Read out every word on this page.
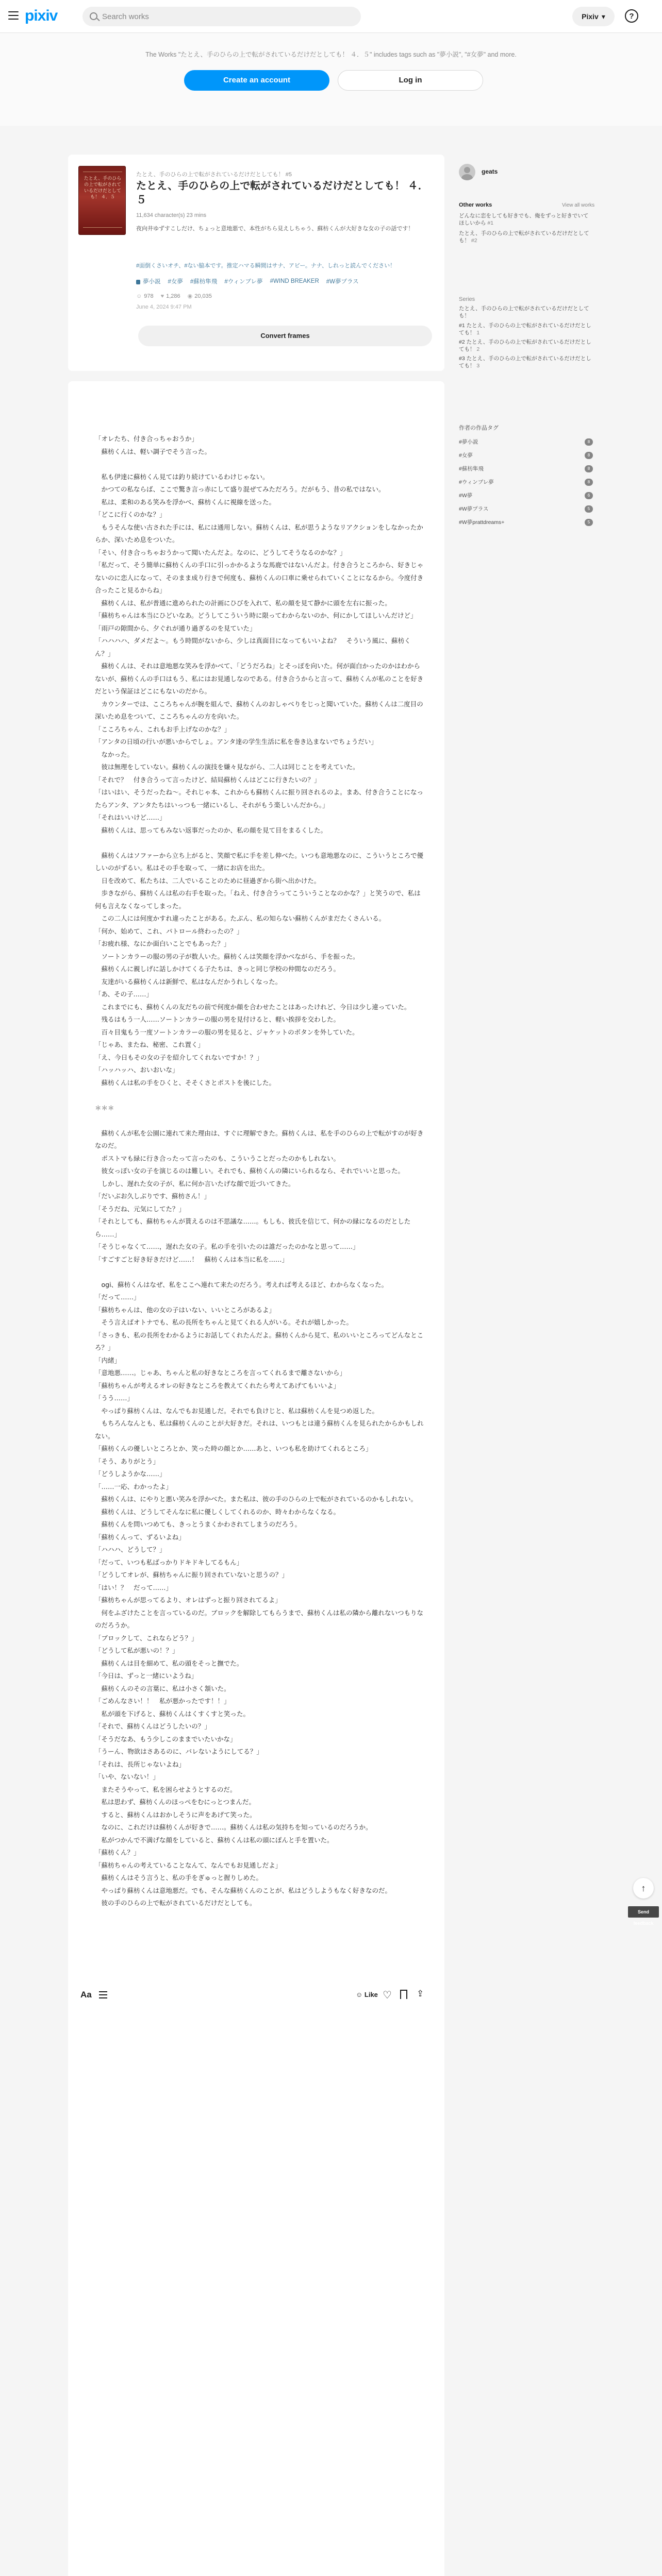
pixiv	Search works	Pixiv ▾	?
The Works "たとえ、手のひらの上で転がされているだけだとしても！ ４．５" includes tags such as "夢小説", "#女夢" and more.
Create an account	Log in
たとえ、手のひらの上で転がされているだけだとしても！ ４．５
たとえ、手のひらの上で転がされているだけだとしても！ #5
たとえ、手のひらの上で転がされているだけだとしても！ ４．５
11,634 character(s) 23 mins
夜向井ゆずすこしだけ、ちょっと意地悪で、本性がちら見えしちゃう、蘇枋くんが大好きな女の子の話です！
#面倒くさいオチ、#ない脇本です。推定ハマる瞬間はサナ、アビー。ナナ、しれっと読んでください！
夢小説 #女夢 #蘇枋隼飛 #ウィンブレ夢 #WIND BREAKER #W夢プラス
☺ 978 ♥ 1,286 ◉ 20,035
June 4, 2024 9:47 PM
Convert frames

「オレたち、付き合っちゃおうか」

　蘇枋くんは、軽い調子でそう言った。

　私も伊達に蘇枋くん見ては釣り続けているわけじゃない。

　かつての私ならば、ここで驚き言っ赤にして盛り混ぜてみただろう。だがもう、昔の私ではない。

　私は、柔和のある笑みを浮かべ、蘇枋くんに視線を送った。

「どこに行くのかな？」

　もうそんな使い古された手には、私には通用しない。蘇枋くんは、私が思うようなリアクションをしなかったからか、深いため息をついた。

「そい、付き合っちゃおうかって聞いたんだよ。なのに、どうしてそうなるのかな？」

「私だって、そう簡単に蘇枋くんの手口に引っかかるような馬鹿ではないんだよ。付き合うところから、好きじゃないのに恋人になって、そのまま成り行きで何度も、蘇枋くんの口車に乗せられていくことになるから。今度付き合ったこと見るからね」

　蘇枋くんは、私が普通に進められたの計画にひびを入れて、私の顔を見て静かに頭を左右に振った。

「蘇枋ちゃんは本当にひどいなあ。どうしてこういう時に限ってわからないのか、何にかしてほしいんだけど」

「雨戸の隙間から、夕ぐれが通り過ぎるのを見ていた」

「ハハハハ、ダメだよ～。もう時間がないから、少しは真面目になってもいいよね？　そういう風に、蘇枋くん？」

　蘇枋くんは、それは意地悪な笑みを浮かべて、「どうだろね」とそっぽを向いた。何が面白かったのかはわからないが、蘇枋くんの手口はもう、私にはお見通しなのである。付き合うからと言って、蘇枋くんが私のことを好きだという保証はどこにもないのだから。

　カウンターでは、こころちゃんが腕を組んで、蘇枋くんのおしゃべりをじっと聞いていた。蘇枋くんは二度目の深いため息をついて、こころちゃんの方を向いた。

「こころちゃん、これもお手上げなのかな？」

「アンタの日頃の行いが悪いからでしょ。アンタ達の学生生活に私を巻き込まないでちょうだい」

　なかった。

　彼は無理をしていない。蘇枋くんの演技を嫌々見ながら、二人は同じことを考えていた。

「それで？　付き合うって言ったけど、結局蘇枋くんはどこに行きたいの？」

「はいはい、そうだったね～。それじゃ本、これからも蘇枋くんに振り回されるのよ。まあ、付き合うことになったらアンタ、アンタたちはいっつも一緒にいるし、それがもう楽しいんだから。」

「それはいいけど……」

　蘇枋くんは、思ってもみない返事だったのか、私の顔を見て目をまるくした。

　蘇枋くんはソファーから立ち上がると、笑顔で私に手を差し伸べた。いつも意地悪なのに、こういうところで優しいのがずるい。私はその手を取って、一緒にお店を出た。

　日を改めて、私たちは、二人でいることのために昼過ぎから街へ出かけた。

　歩きながら、蘇枋くんは私の右手を取った。「ねえ、付き合うってこういうことなのかな？」と笑うので、私は何も言えなくなってしまった。

　この二人には何度かすれ違ったことがある。たぶん、私の知らない蘇枋くんがまだたくさんいる。

「何か、始めて、これ、パトロール終わったの？」

「お疲れ様、なにか面白いことでもあった？」

　ソートンカラーの服の男の子が数人いた。蘇枋くんは笑顔を浮かべながら、手を振った。

　蘇枋くんに親しげに話しかけてくる子たちは、きっと同じ学校の仲間なのだろう。

　友達がいる蘇枋くんは新鮮で、私はなんだかうれしくなった。

「あ、その子……」

　これまでにも、蘇枋くんの友だちの前で何度か顔を合わせたことはあったけれど、今日は少し違っていた。

　残るはもう一人……ソートンカラーの服の男を見付けると、軽い挨拶を交わした。

　百々目鬼もう一度ソートンカラーの服の男を見ると、ジャケットのボタンを外していた。

「じゃあ、またね、秘密、これ置く」

「え、今日もその女の子を紹介してくれないですか！？」

「ハッハッハ、おいおいな」

　蘇枋くんは私の手をひくと、そそくさとポストを後にした。

＊＊＊

　蘇枋くんが私を公園に連れて来た理由は、すぐに理解できた。蘇枋くんは、私を手のひらの上で転がすのが好きなのだ。

　ポストマも緑に行き合ったって言ったのも、こういうことだったのかもしれない。

　彼女っぽい女の子を演じるのは難しい。それでも、蘇枋くんの隣にいられるなら、それでいいと思った。

　しかし、遅れた女の子が、私に何か言いたげな顔で近づいてきた。

「だいぶお久しぶりです、蘇枋さん！」

「そうだね、元気にしてた？」

「それとしても、蘇枋ちゃんが貰えるのは不思議な……。もしも、彼氏を信じて、何かの縁になるのだとしたら……」

「そうじゃなくて……，遅れた女の子。私の手を引いたのは誰だったのかなと思って……」

「すごすごと好き好きだけど……！　蘇枋くんは本当に私を……」

　ogi、蘇枋くんはなぜ、私をここへ連れて来たのだろう。考えれば考えるほど、わからなくなった。

「だって……」

「蘇枋ちゃんは、他の女の子はいない、いいところがあるよ」

　そう言えばオトナでも、私の長所をちゃんと見てくれる人がいる。それが嬉しかった。

「さっきも、私の長所をわかるようにお話してくれたんだよ。蘇枋くんから見て、私のいいところってどんなところ？」

「内緒」

「意地悪……。じゃあ、ちゃんと私の好きなところを言ってくれるまで離さないから」

「蘇枋ちゃんが考えるオレの好きなところを教えてくれたら考えてあげてもいいよ」

「うう……」

　やっぱり蘇枋くんは、なんでもお見通しだ。それでも負けじと、私は蘇枋くんを見つめ返した。

　もちろんなんとも、私は蘇枋くんのことが大好きだ。それは、いつもとは違う蘇枋くんを見られたからかもしれない。

「蘇枋くんの優しいところとか、笑った時の顔とか……あと、いつも私を助けてくれるところ」

「そう、ありがとう」

「どうしようかな……」

「……一応、わかったよ」

　蘇枋くんは、にやりと悪い笑みを浮かべた。また私は、彼の手のひらの上で転がされているのかもしれない。

　蘇枋くんは、どうしてそんなに私に優しくしてくれるのか、時々わからなくなる。

　蘇枋くんを問いつめても、きっとうまくかわされてしまうのだろう。

「蘇枋くんって、ずるいよね」

「ハハハ、どうして？」

「だって、いつも私ばっかりドキドキしてるもん」

「どうしてオレが、蘇枋ちゃんに振り回されていないと思うの？」

「はい！？　だって……」

「蘇枋ちゃんが思ってるより、オレはずっと振り回されてるよ」

　何をふざけたことを言っているのだ。ブロックを解除してもらうまで、蘇枋くんは私の隣から離れないつもりなのだろうか。

「ブロックして、これならどう？」

「どうして私が悪いの！？」

　蘇枋くんは目を細めて、私の頭をそっと撫でた。

「今日は、ずっと一緒にいようね」

　蘇枋くんのその言葉に、私は小さく頷いた。

「ごめんなさい！！　私が悪かったです！！」

　私が頭を下げると、蘇枋くんはくすくすと笑った。

「それで、蘇枋くんはどうしたいの？」

「そうだなあ、もう少しこのままでいたいかな」

「うーん、物欲はさあるのに、バレないようにしてる？」

「それは、長所じゃないよね」

「いや、ないない！」

　またそうやって、私を困らせようとするのだ。

　私は思わず、蘇枋くんのほっぺをむにっとつまんだ。

　すると、蘇枋くんはおかしそうに声をあげて笑った。

　なのに、これだけは蘇枋くんが好きで……。蘇枋くんは私の気持ちを知っているのだろうか。

　私がつかんで不満げな顔をしていると、蘇枋くんは私の頭にぽんと手を置いた。

「蘇枋くん？」

「蘇枋ちゃんの考えていることなんて、なんでもお見通しだよ」

　蘇枋くんはそう言うと、私の手をぎゅっと握りしめた。

　やっぱり蘇枋くんは意地悪だ。でも、そんな蘇枋くんのことが、私はどうしようもなく好きなのだ。

　彼の手のひらの上で転がされているだけだとしても。

Aa	☺ Like ♡	⇪
geats
Other works	View all works
どんなに恋をしても好きでも、俺をずっと好きでいてほしいから #1
たとえ、手のひらの上で転がされているだけだとしても！ #2
Series
たとえ、手のひらの上で転がされているだけだとしても！
#1 たとえ、手のひらの上で転がされているだけだとしても！ 1
#2 たとえ、手のひらの上で転がされているだけだとしても！ 2
#3 たとえ、手のひらの上で転がされているだけだとしても！ 3
作者の作品タグ
#夢小説	8
#女夢	8
#蘇枋隼飛	8
#ウィンブレ夢	8
#W夢	6
#W夢プラス	5
#W夢prattdreams+	5
↑
Send feedback
